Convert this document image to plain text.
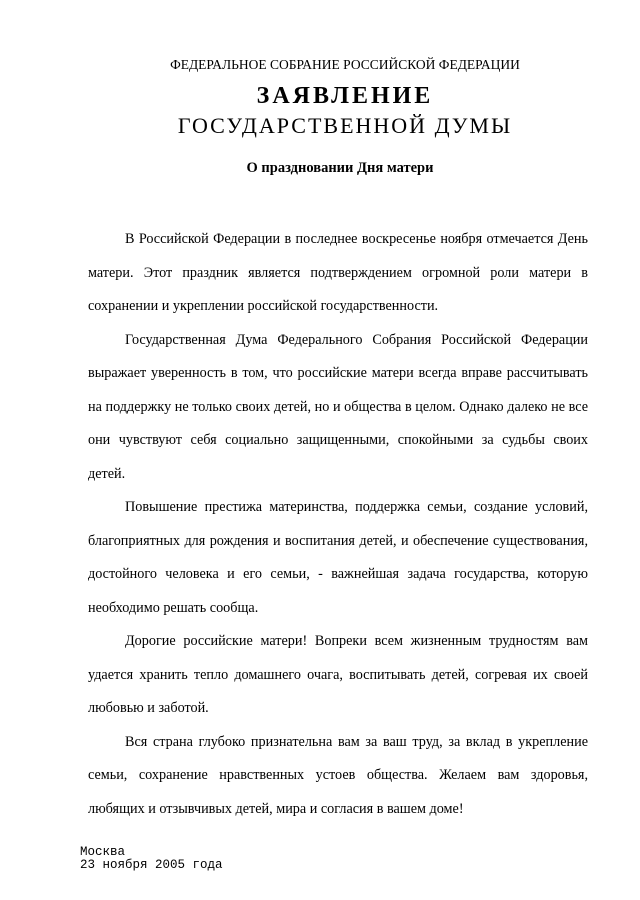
ФЕДЕРАЛЬНОЕ СОБРАНИЕ РОССИЙСКОЙ ФЕДЕРАЦИИ
ЗАЯВЛЕНИЕ
ГОСУДАРСТВЕННОЙ ДУМЫ
О праздновании Дня матери

В Российской Федерации в последнее воскресенье ноября отмечается День матери. Этот праздник является подтверждением огромной роли матери в сохранении и укреплении российской государственности.

Государственная Дума Федерального Собрания Российской Федерации выражает уверенность в том, что российские матери всегда вправе рассчитывать на поддержку не только своих детей, но и общества в целом. Однако далеко не все они чувствуют себя социально защищенными, спокойными за судьбы своих детей.

Повышение престижа материнства, поддержка семьи, создание условий, благоприятных для рождения и воспитания детей, и обеспечение существования, достойного человека и его семьи, - важнейшая задача государства, которую необходимо решать сообща.

Дорогие российские матери! Вопреки всем жизненным трудностям вам удается хранить тепло домашнего очага, воспитывать детей, согревая их своей любовью и заботой.

Вся страна глубоко признательна вам за ваш труд, за вклад в укрепление семьи, сохранение нравственных устоев общества. Желаем вам здоровья, любящих и отзывчивых детей, мира и согласия в вашем доме!

Москва
23 ноября 2005 года
